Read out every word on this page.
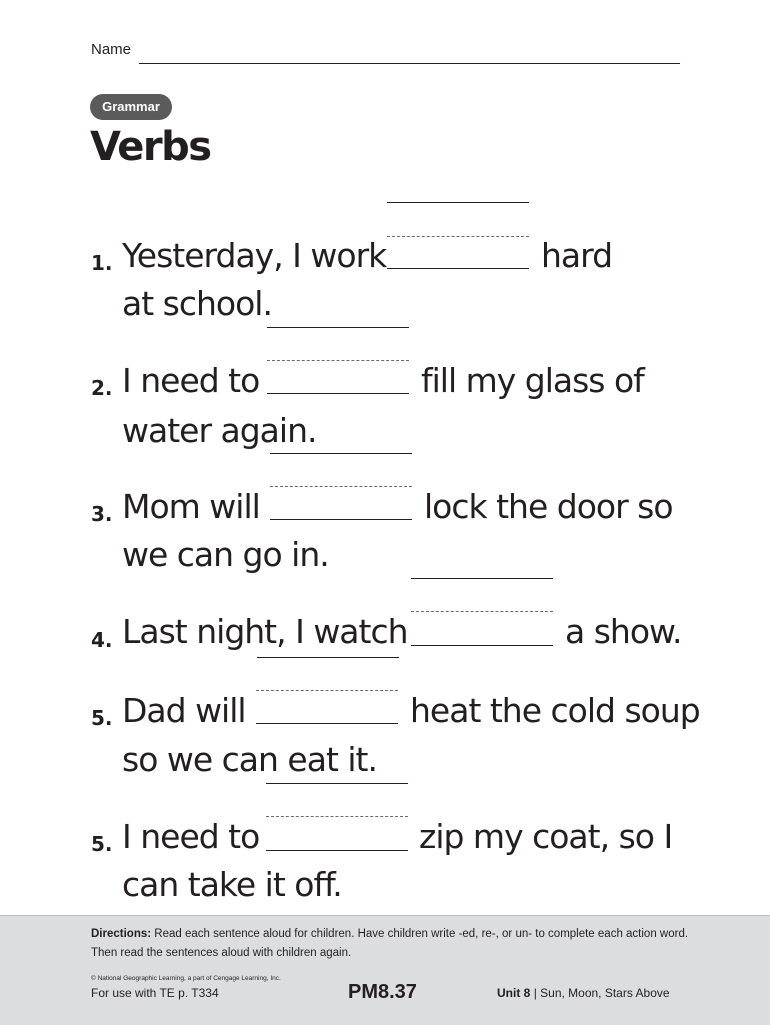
Name
Grammar
Verbs
1. Yesterday, I work	hard
at school.
2. I need to	fill my glass of
water again.
3. Mom will	lock the door so
we can go in.
4. Last night, I watch	a show.
5. Dad will	heat the cold soup
so we can eat it.
5. I need to	zip my coat, so I
can take it off.
Directions: Read each sentence aloud for children. Have children write -ed, re-, or un- to complete each action word.
Then read the sentences aloud with children again.
© National Geographic Learning, a part of Cengage Learning, Inc.
For use with TE p. T334	PM8.37	Unit 8 | Sun, Moon, Stars Above
